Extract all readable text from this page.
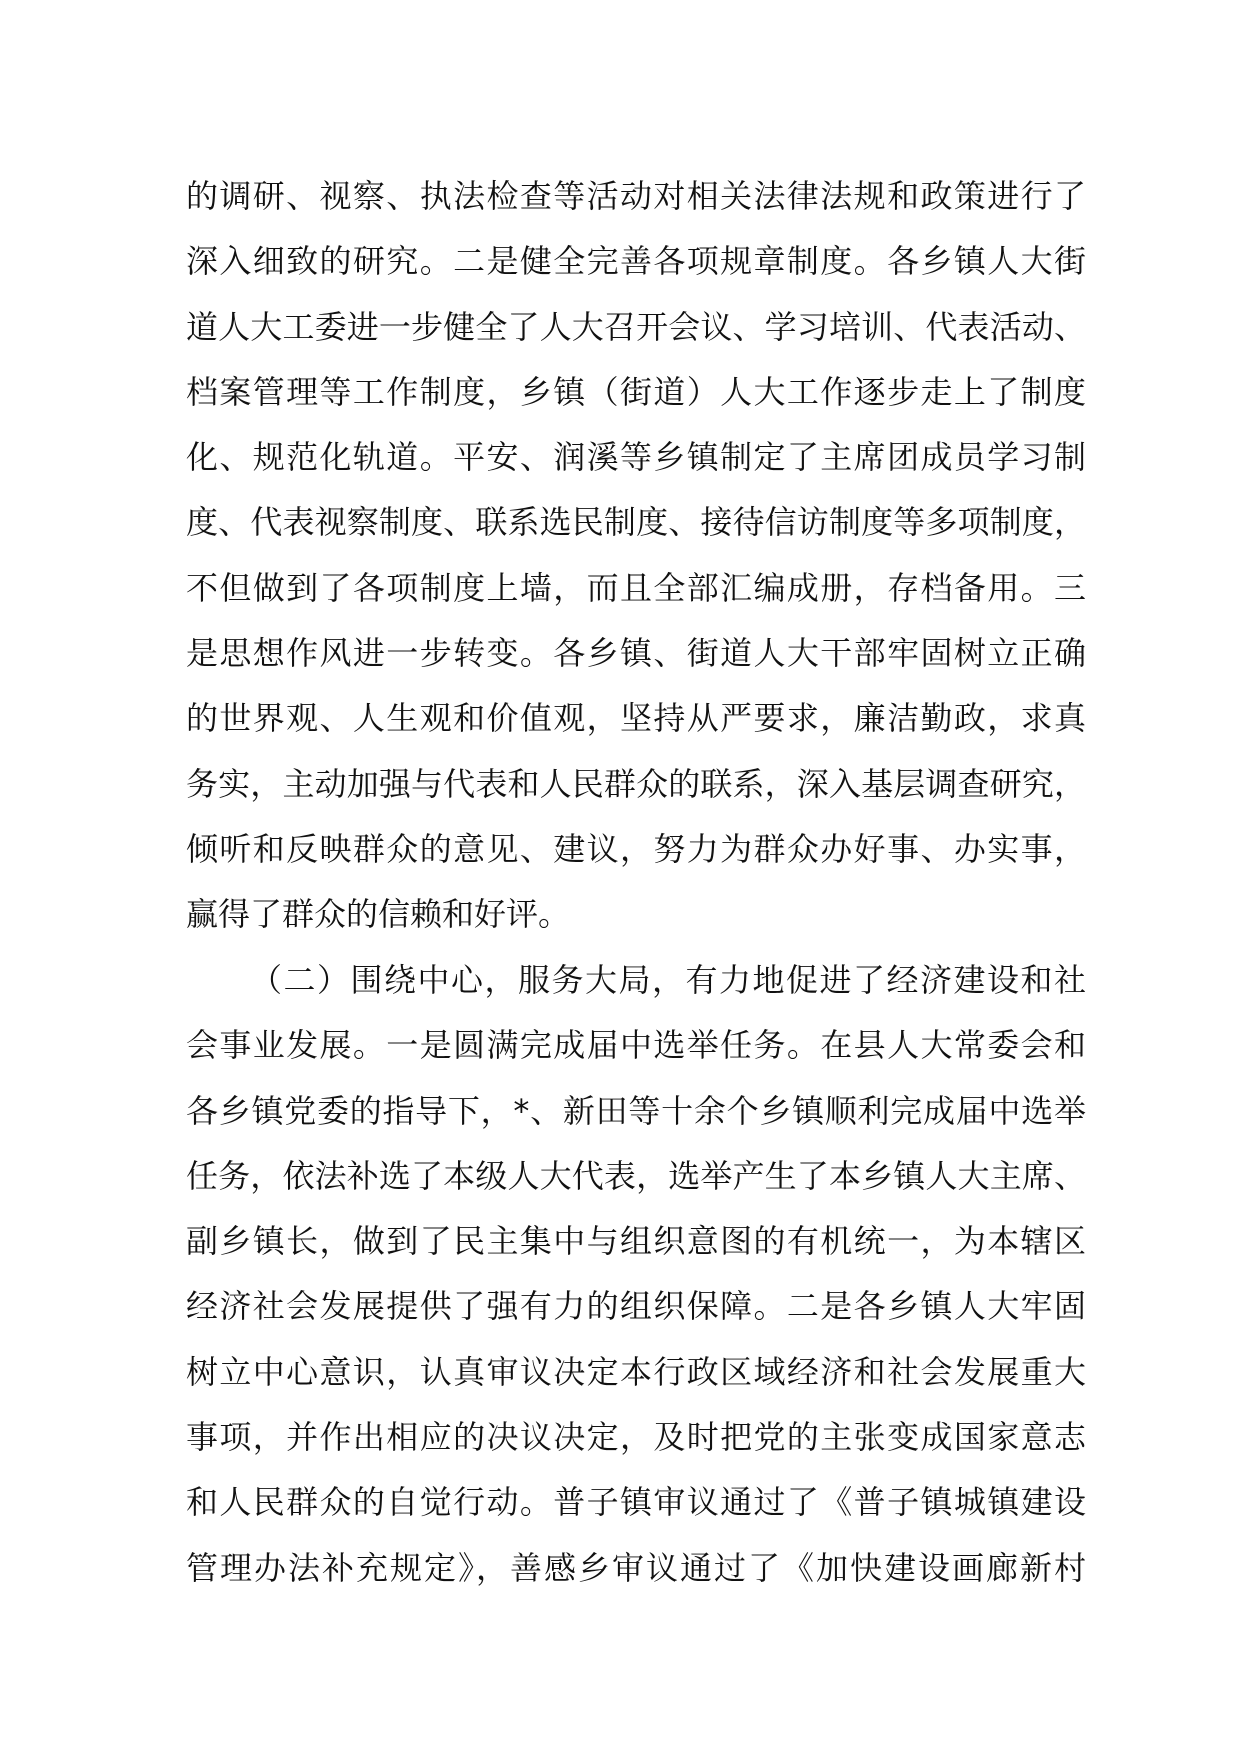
的调研、视察、执法检查等活动对相关法律法规和政策进行了
深入细致的研究。二是健全完善各项规章制度。各乡镇人大街
道人大工委进一步健全了人大召开会议、学习培训、代表活动、
档案管理等工作制度，乡镇（街道）人大工作逐步走上了制度
化、规范化轨道。平安、润溪等乡镇制定了主席团成员学习制
度、代表视察制度、联系选民制度、接待信访制度等多项制度，
不但做到了各项制度上墙，而且全部汇编成册，存档备用。三
是思想作风进一步转变。各乡镇、街道人大干部牢固树立正确
的世界观、人生观和价值观，坚持从严要求，廉洁勤政，求真
务实，主动加强与代表和人民群众的联系，深入基层调查研究，
倾听和反映群众的意见、建议，努力为群众办好事、办实事，
赢得了群众的信赖和好评。
（二）围绕中心，服务大局，有力地促进了经济建设和社
会事业发展。一是圆满完成届中选举任务。在县人大常委会和
各乡镇党委的指导下，*、新田等十余个乡镇顺利完成届中选举
任务，依法补选了本级人大代表，选举产生了本乡镇人大主席、
副乡镇长，做到了民主集中与组织意图的有机统一，为本辖区
经济社会发展提供了强有力的组织保障。二是各乡镇人大牢固
树立中心意识，认真审议决定本行政区域经济和社会发展重大
事项，并作出相应的决议决定，及时把党的主张变成国家意志
和人民群众的自觉行动。普子镇审议通过了《普子镇城镇建设
管理办法补充规定》，善感乡审议通过了《加快建设画廊新村
